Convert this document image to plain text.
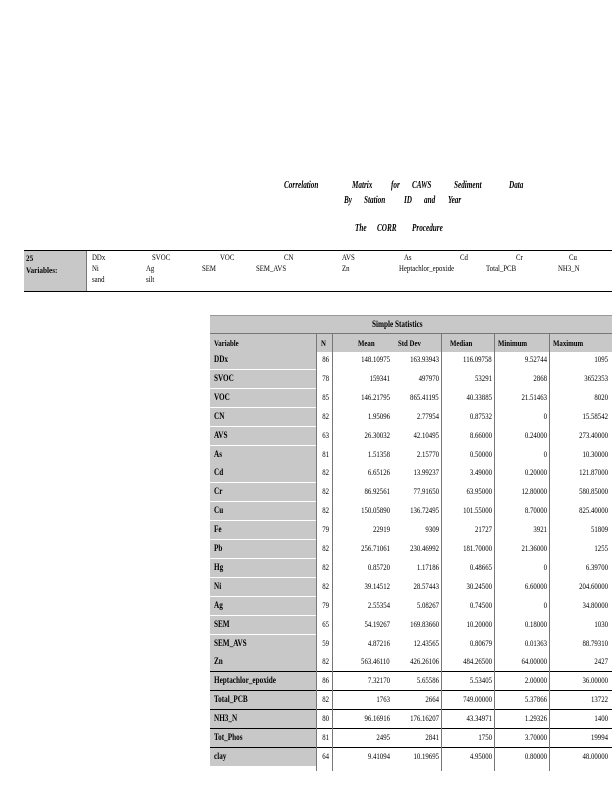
Correlation	Matrix for CAWS Sediment	Data
By Station ID and Year
The CORR Procedure
25
Variables:
DDx	SVOC	VOC	CN	AVS	As	Cd	Cr	Cu
Ni	Ag	SEM	SEM_AVS	Zn	Heptachlor_epoxide	Total_PCB	NH3_N
sand	silt
Simple Statistics
Variable	N	Mean	Std Dev	Median	Minimum	Maximum
DDx	86	148.10975	163.93943	116.09758	9.52744	1095
SVOC	78	159341	497970	53291	2868	3652353
VOC	85	146.21795	865.41195	40.33885	21.51463	8020
CN	82	1.95096	2.77954	0.87532	0	15.58542
AVS	63	26.30032	42.10495	8.66000	0.24000	273.40000
As	81	1.51358	2.15770	0.50000	0	10.30000
Cd	82	6.65126	13.99237	3.49000	0.20000	121.87000
Cr	82	86.92561	77.91650	63.95000	12.80000	580.85000
Cu	82	150.05890	136.72495	101.55000	8.70000	825.40000
Fe	79	22919	9309	21727	3921	51809
Pb	82	256.71061	230.46992	181.70000	21.36000	1255
Hg	82	0.85720	1.17186	0.48665	0	6.39700
Ni	82	39.14512	28.57443	30.24500	6.60000	204.60000
Ag	79	2.55354	5.08267	0.74500	0	34.80000
SEM	65	54.19267	169.83660	10.20000	0.18000	1030
SEM_AVS	59	4.87216	12.43565	0.80679	0.01363	88.79310
Zn	82	563.46110	426.26106	484.26500	64.00000	2427
Heptachlor_epoxide	86	7.32170	5.65586	5.53405	2.00000	36.00000
Total_PCB	82	1763	2664	749.00000	5.37866	13722
NH3_N	80	96.16916	176.16207	43.34971	1.29326	1400
Tot_Phos	81	2495	2841	1750	3.70000	19994
clay	64	9.41094	10.19695	4.95000	0.80000	48.00000
